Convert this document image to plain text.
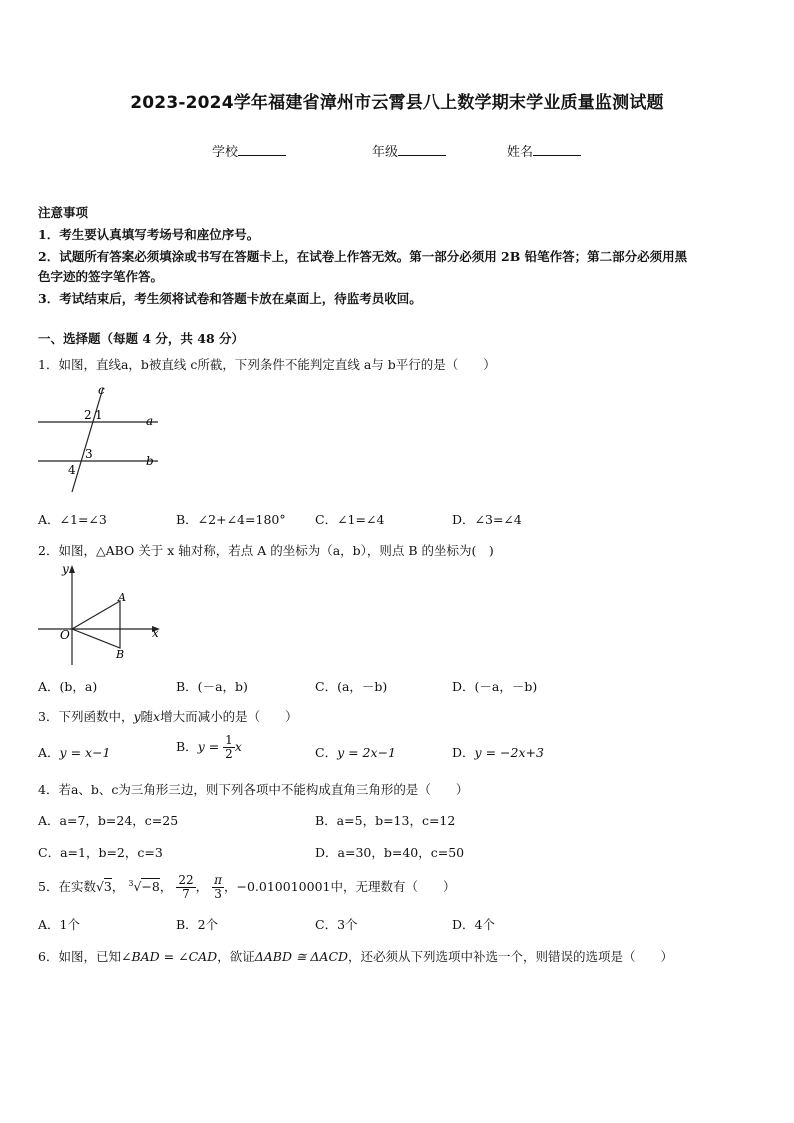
2023-2024学年福建省漳州市云霄县八上数学期末学业质量监测试题
学校	年级	姓名
注意事项
1．考生要认真填写考场号和座位序号。
2．试题所有答案必须填涂或书写在答题卡上，在试卷上作答无效。第一部分必须用 2B 铅笔作答；第二部分必须用黑
色字迹的签字笔作答。
3．考试结束后，考生须将试卷和答题卡放在桌面上，待监考员收回。
一、选择题（每题 4 分，共 48 分）
1．如图，直线a，b被直线 c所截，下列条件不能判定直线 a与 b平行的是（　　）
c
a
b
2 1
3
4
A．∠1=∠3	B．∠2+∠4=180° C．∠1=∠4	D．∠3=∠4
2．如图，△ABO 关于 x 轴对称，若点 A 的坐标为（a，b），则点 B 的坐标为(　)
y
x
O
A
B
A．(b，a)	B．(－a，b)	C．(a，－b)	D．(－a，－b)
3．下列函数中，y随x增大而减小的是（　　）
A．y = x−1	B．$y = \frac{1}{2}$ x	C．y = 2x−1	D．y = −2x+3
4．若a、b、c为三角形三边，则下列各项中不能构成直角三角形的是（　　）
A．a=7，b=24，c=25	B．a=5，b=13，c=12
C．a=1，b=2，c=3	D．a=30，b=40，c=50
5．在实数√3， $^3$√−8， $\frac{22}{7}$ ， $\frac{\pi}{3}$ ，−0.010010001中，无理数有（　　）
A．1个	B．2个	C．3个	D．4个
6．如图，已知∠BAD = ∠CAD，欲证ΔABD ≅ ΔACD，还必须从下列选项中补选一个，则错误的选项是（　　）
